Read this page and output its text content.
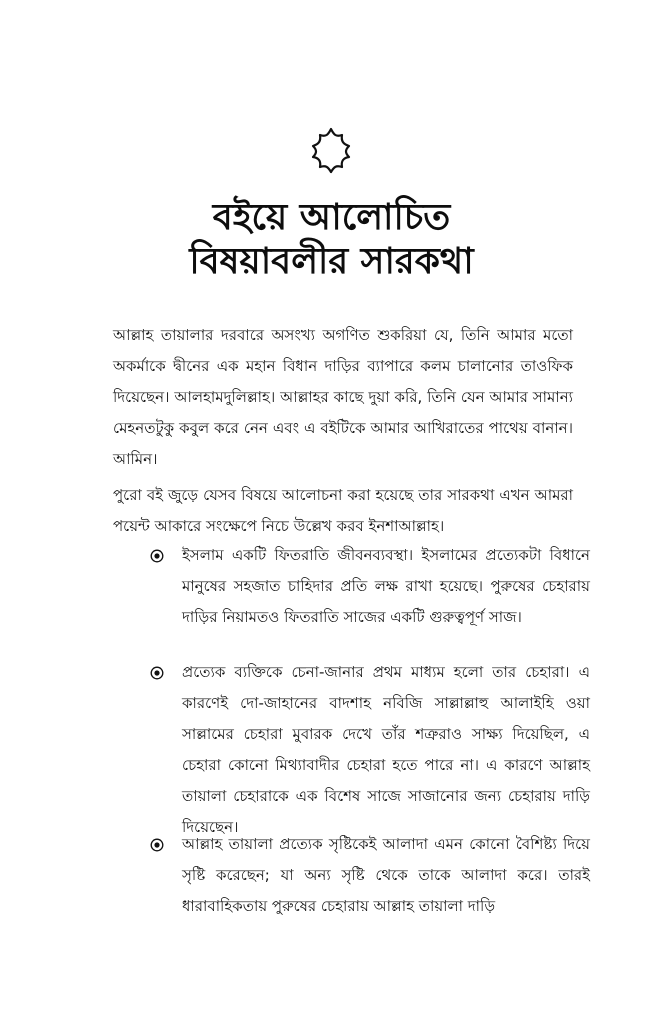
বইয়ে আলোচিত
বিষয়াবলীর সারকথা
আল্লাহ তায়ালার দরবারে অসংখ্য অগণিত শুকরিয়া যে, তিনি আমার মতো অকর্মাকে দ্বীনের এক মহান বিধান দাড়ির ব্যাপারে কলম চালানোর তাওফিক দিয়েছেন। আলহামদুলিল্লাহ। আল্লাহর কাছে দুয়া করি, তিনি যেন আমার সামান্য মেহনতটুকু কবুল করে নেন এবং এ বইটিকে আমার আখিরাতের পাথেয় বানান। আমিন।
পুরো বই জুড়ে যেসব বিষয়ে আলোচনা করা হয়েছে তার সারকথা এখন আমরা পয়েন্ট আকারে সংক্ষেপে নিচে উল্লেখ করব ইনশাআল্লাহ।
ইসলাম একটি ফিতরাতি জীবনব্যবস্থা। ইসলামের প্রত্যেকটা বিধানে মানুষের সহজাত চাহিদার প্রতি লক্ষ রাখা হয়েছে। পুরুষের চেহারায় দাড়ির নিয়ামতও ফিতরাতি সাজের একটি গুরুত্বপূর্ণ সাজ।
প্রত্যেক ব্যক্তিকে চেনা-জানার প্রথম মাধ্যম হলো তার চেহারা। এ কারণেই দো-জাহানের বাদশাহ নবিজি সাল্লাল্লাহু আলাইহি ওয়া সাল্লামের চেহারা মুবারক দেখে তাঁর শত্রুরাও সাক্ষ্য দিয়েছিল, এ চেহারা কোনো মিথ্যাবাদীর চেহারা হতে পারে না। এ কারণে আল্লাহ তায়ালা চেহারাকে এক বিশেষ সাজে সাজানোর জন্য চেহারায় দাড়ি দিয়েছেন।
আল্লাহ তায়ালা প্রত্যেক সৃষ্টিকেই আলাদা এমন কোনো বৈশিষ্ট্য দিয়ে সৃষ্টি করেছেন; যা অন্য সৃষ্টি থেকে তাকে আলাদা করে। তারই ধারাবাহিকতায় পুরুষের চেহারায় আল্লাহ তায়ালা দাড়ি
